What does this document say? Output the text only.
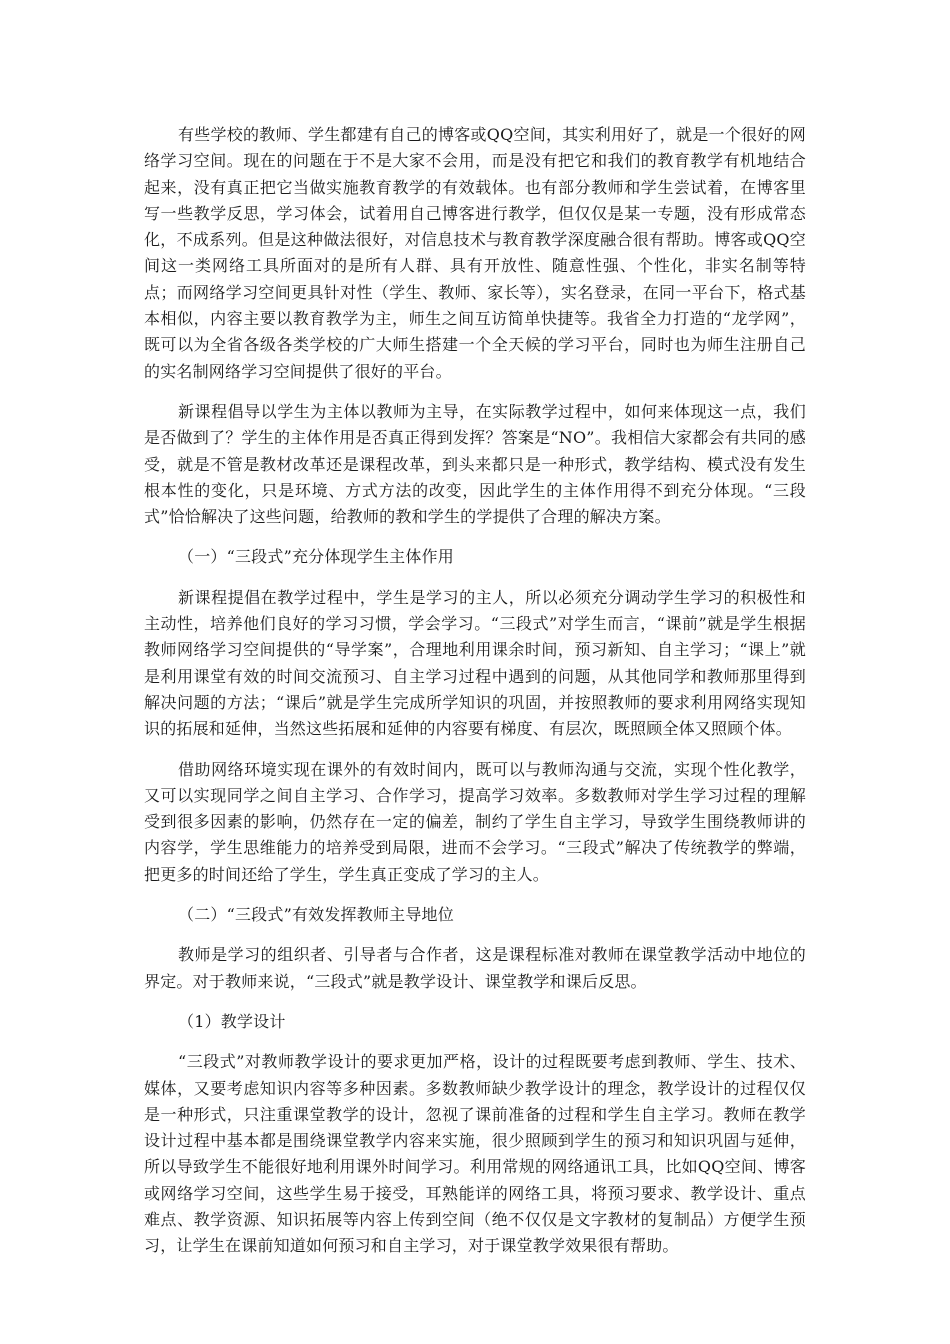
有些学校的教师、学生都建有自己的博客或QQ空间，其实利用好了，就是一个很好的网络学习空间。现在的问题在于不是大家不会用，而是没有把它和我们的教育教学有机地结合起来，没有真正把它当做实施教育教学的有效载体。也有部分教师和学生尝试着，在博客里写一些教学反思，学习体会，试着用自己博客进行教学，但仅仅是某一专题，没有形成常态化，不成系列。但是这种做法很好，对信息技术与教育教学深度融合很有帮助。博客或QQ空间这一类网络工具所面对的是所有人群、具有开放性、随意性强、个性化，非实名制等特点；而网络学习空间更具针对性（学生、教师、家长等），实名登录，在同一平台下，格式基本相似，内容主要以教育教学为主，师生之间互访简单快捷等。我省全力打造的“龙学网”，既可以为全省各级各类学校的广大师生搭建一个全天候的学习平台，同时也为师生注册自己的实名制网络学习空间提供了很好的平台。

新课程倡导以学生为主体以教师为主导，在实际教学过程中，如何来体现这一点，我们是否做到了？学生的主体作用是否真正得到发挥？答案是“NO”。我相信大家都会有共同的感受，就是不管是教材改革还是课程改革，到头来都只是一种形式，教学结构、模式没有发生根本性的变化，只是环境、方式方法的改变，因此学生的主体作用得不到充分体现。“三段式”恰恰解决了这些问题，给教师的教和学生的学提供了合理的解决方案。

（一）“三段式”充分体现学生主体作用

新课程提倡在教学过程中，学生是学习的主人，所以必须充分调动学生学习的积极性和主动性，培养他们良好的学习习惯，学会学习。“三段式”对学生而言，“课前”就是学生根据教师网络学习空间提供的“导学案”，合理地利用课余时间，预习新知、自主学习；“课上”就是利用课堂有效的时间交流预习、自主学习过程中遇到的问题，从其他同学和教师那里得到解决问题的方法；“课后”就是学生完成所学知识的巩固，并按照教师的要求利用网络实现知识的拓展和延伸，当然这些拓展和延伸的内容要有梯度、有层次，既照顾全体又照顾个体。

借助网络环境实现在课外的有效时间内，既可以与教师沟通与交流，实现个性化教学，又可以实现同学之间自主学习、合作学习，提高学习效率。多数教师对学生学习过程的理解受到很多因素的影响，仍然存在一定的偏差，制约了学生自主学习，导致学生围绕教师讲的内容学，学生思维能力的培养受到局限，进而不会学习。“三段式”解决了传统教学的弊端，把更多的时间还给了学生，学生真正变成了学习的主人。

（二）“三段式”有效发挥教师主导地位

教师是学习的组织者、引导者与合作者，这是课程标准对教师在课堂教学活动中地位的界定。对于教师来说，“三段式”就是教学设计、课堂教学和课后反思。

（1）教学设计

“三段式”对教师教学设计的要求更加严格，设计的过程既要考虑到教师、学生、技术、媒体，又要考虑知识内容等多种因素。多数教师缺少教学设计的理念，教学设计的过程仅仅是一种形式，只注重课堂教学的设计，忽视了课前准备的过程和学生自主学习。教师在教学设计过程中基本都是围绕课堂教学内容来实施，很少照顾到学生的预习和知识巩固与延伸，所以导致学生不能很好地利用课外时间学习。利用常规的网络通讯工具，比如QQ空间、博客或网络学习空间，这些学生易于接受，耳熟能详的网络工具，将预习要求、教学设计、重点难点、教学资源、知识拓展等内容上传到空间（绝不仅仅是文字教材的复制品）方便学生预习，让学生在课前知道如何预习和自主学习，对于课堂教学效果很有帮助。
